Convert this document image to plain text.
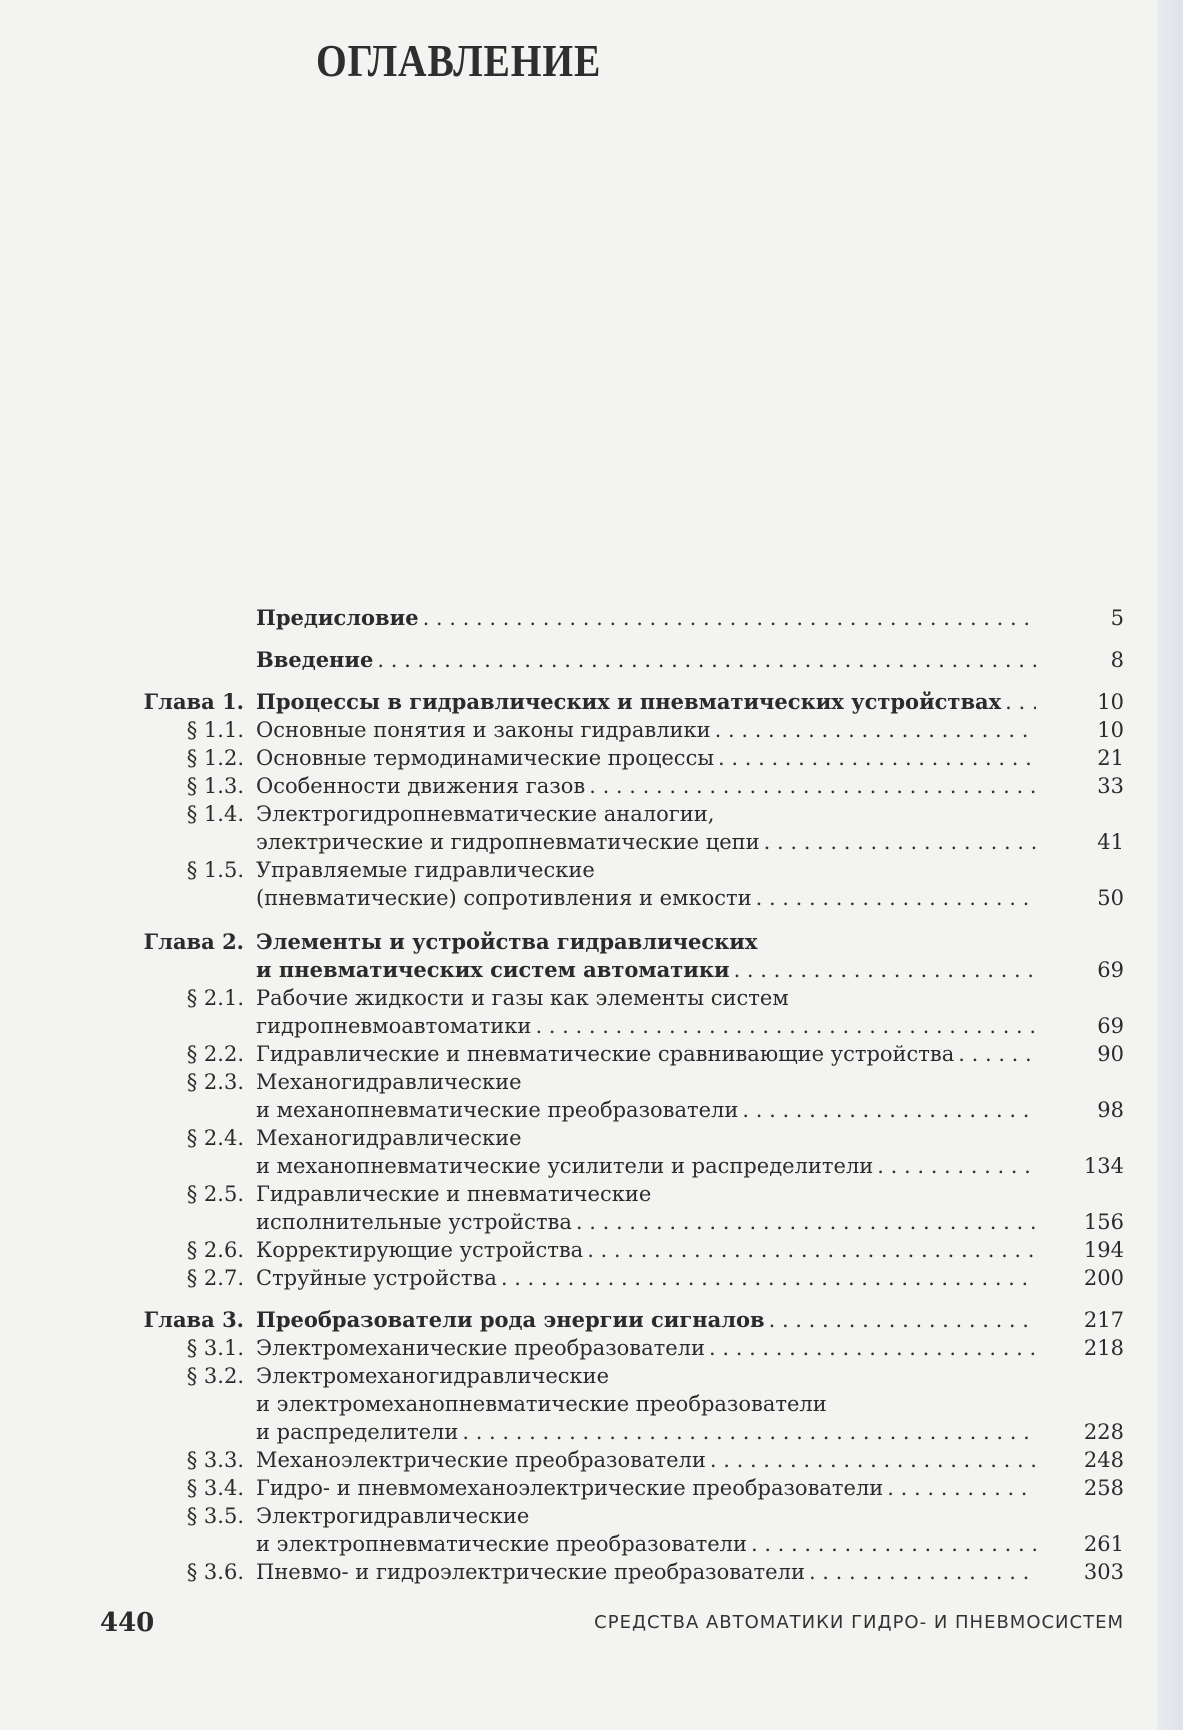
ОГЛАВЛЕНИЕ
Предисловие . . .	5
Введение . . .	8
Глава 1. Процессы в гидравлических и пневматических устройствах . . .	10
§ 1.1. Основные понятия и законы гидравлики . . .	10
§ 1.2. Основные термодинамические процессы . . .	21
§ 1.3. Особенности движения газов . . .	33
§ 1.4. Электрогидропневматические аналогии,
электрические и гидропневматические цепи . . .	41
§ 1.5. Управляемые гидравлические
(пневматические) сопротивления и емкости . . .	50
Глава 2. Элементы и устройства гидравлических
и пневматических систем автоматики . . .	69
§ 2.1. Рабочие жидкости и газы как элементы систем
гидропневмоавтоматики . . .	69
§ 2.2. Гидравлические и пневматические сравнивающие устройства . . .	90
§ 2.3. Механогидравлические
и механопневматические преобразователи . . .	98
§ 2.4. Механогидравлические
и механопневматические усилители и распределители . . .	134
§ 2.5. Гидравлические и пневматические
исполнительные устройства . . .	156
§ 2.6. Корректирующие устройства . . .	194
§ 2.7. Струйные устройства . . .	200
Глава 3. Преобразователи рода энергии сигналов . . .	217
§ 3.1. Электромеханические преобразователи . . .	218
§ 3.2. Электромеханогидравлические
и электромеханопневматические преобразователи
и распределители . . .	228
§ 3.3. Механоэлектрические преобразователи . . .	248
§ 3.4. Гидро- и пневмомеханоэлектрические преобразователи . . .	258
§ 3.5. Электрогидравлические
и электропневматические преобразователи . . .	261
§ 3.6. Пневмо- и гидроэлектрические преобразователи . . .	303
440	СРЕДСТВА АВТОМАТИКИ ГИДРО- И ПНЕВМОСИСТЕМ
